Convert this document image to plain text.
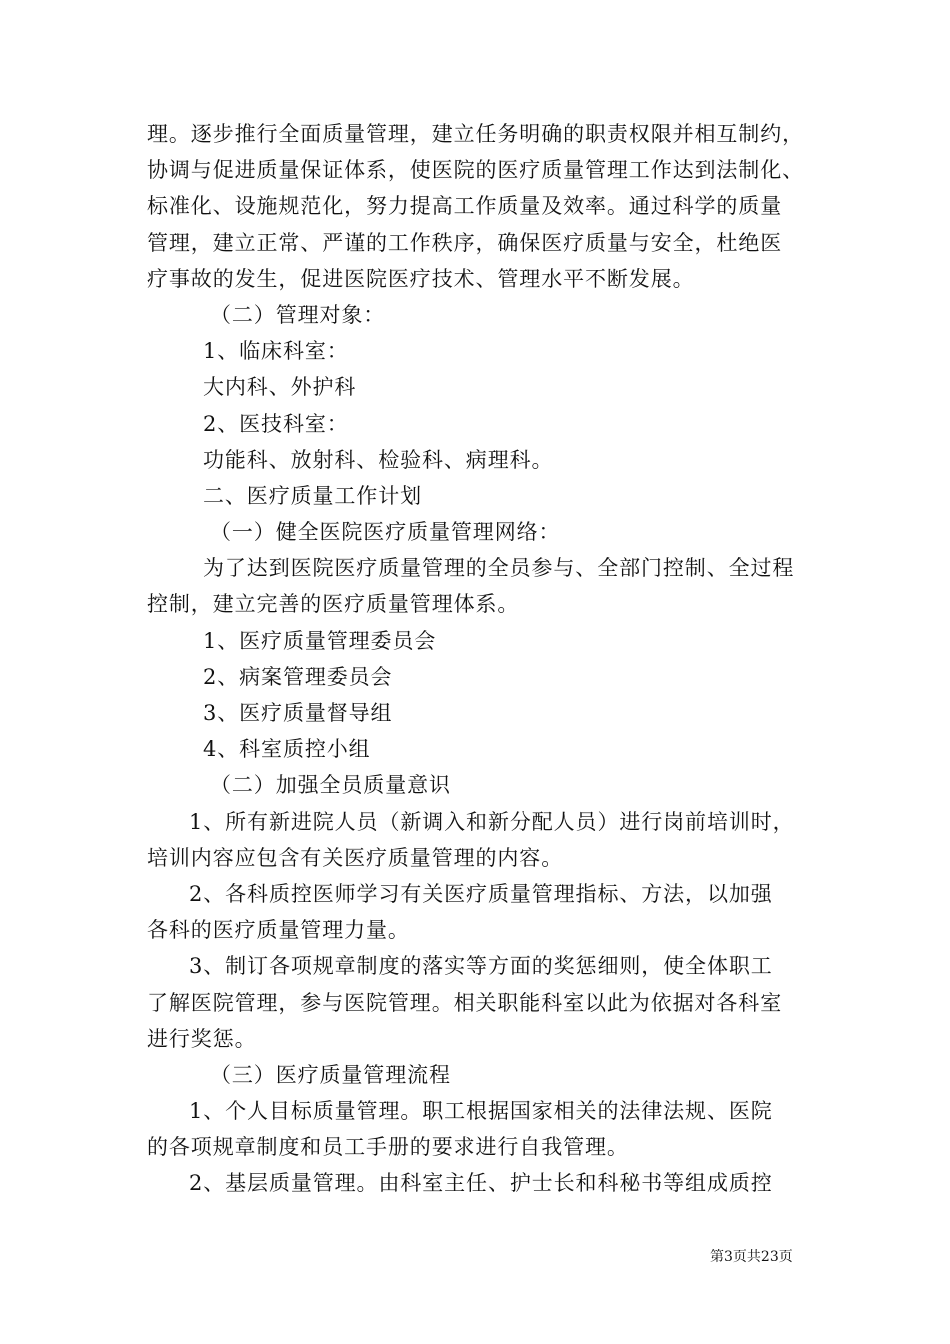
理。逐步推行全面质量管理，建立任务明确的职责权限并相互制约，
协调与促进质量保证体系，使医院的医疗质量管理工作达到法制化、
标准化、设施规范化，努力提高工作质量及效率。通过科学的质量
管理，建立正常、严谨的工作秩序，确保医疗质量与安全，杜绝医
疗事故的发生，促进医院医疗技术、管理水平不断发展。
（二）管理对象：
1、临床科室：
大内科、外护科
2、医技科室：
功能科、放射科、检验科、病理科。
二、医疗质量工作计划
（一）健全医院医疗质量管理网络：
为了达到医院医疗质量管理的全员参与、全部门控制、全过程
控制，建立完善的医疗质量管理体系。
1、医疗质量管理委员会
2、病案管理委员会
3、医疗质量督导组
4、科室质控小组
（二）加强全员质量意识
1、所有新进院人员（新调入和新分配人员）进行岗前培训时，
培训内容应包含有关医疗质量管理的内容。
2、各科质控医师学习有关医疗质量管理指标、方法，以加强
各科的医疗质量管理力量。
3、制订各项规章制度的落实等方面的奖惩细则，使全体职工
了解医院管理，参与医院管理。相关职能科室以此为依据对各科室
进行奖惩。
（三）医疗质量管理流程
1、个人目标质量管理。职工根据国家相关的法律法规、医院
的各项规章制度和员工手册的要求进行自我管理。
2、基层质量管理。由科室主任、护士长和科秘书等组成质控
第3页共23页
